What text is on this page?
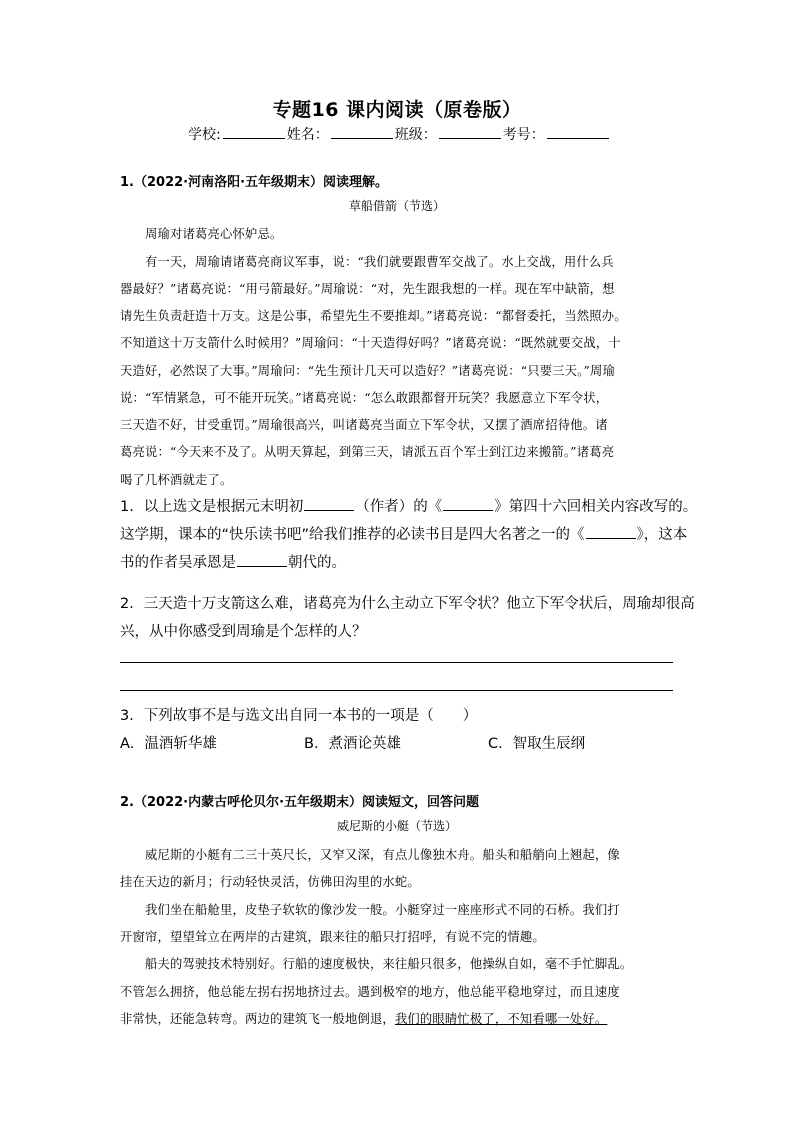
专题16 课内阅读（原卷版）
学校:	姓名：	班级：	考号：
1.（2022·河南洛阳·五年级期末）阅读理解。
草船借箭（节选）
周瑜对诸葛亮心怀妒忌。
有一天，周瑜请诸葛亮商议军事，说：“我们就要跟曹军交战了。水上交战，用什么兵
器最好？”诸葛亮说：“用弓箭最好。”周瑜说：“对，先生跟我想的一样。现在军中缺箭，想
请先生负责赶造十万支。这是公事，希望先生不要推却。”诸葛亮说：“都督委托，当然照办。
不知道这十万支箭什么时候用？”周瑜问：“十天造得好吗？”诸葛亮说：“既然就要交战，十
天造好，必然误了大事。”周瑜问：“先生预计几天可以造好？”诸葛亮说：“只要三天。”周瑜
说：“军情紧急，可不能开玩笑。”诸葛亮说：“怎么敢跟都督开玩笑？我愿意立下军令状，
三天造不好，甘受重罚。”周瑜很高兴，叫诸葛亮当面立下军令状，又摆了酒席招待他。诸
葛亮说：“今天来不及了。从明天算起，到第三天，请派五百个军士到江边来搬箭。”诸葛亮
喝了几杯酒就走了。
1．以上选文是根据元末明初	（作者）的《	》第四十六回相关内容改写的。
这学期，课本的“快乐读书吧”给我们推荐的必读书目是四大名著之一的《	》，这本
书的作者吴承恩是	朝代的。
2．三天造十万支箭这么难，诸葛亮为什么主动立下军令状？他立下军令状后，周瑜却很高
兴，从中你感受到周瑜是个怎样的人？
3．下列故事不是与选文出自同一本书的一项是（　　）
A．温酒斩华雄	B．煮酒论英雄	C．智取生辰纲
2.（2022·内蒙古呼伦贝尔·五年级期末）阅读短文，回答问题
威尼斯的小艇（节选）
威尼斯的小艇有二三十英尺长，又窄又深，有点儿像独木舟。船头和船艄向上翘起，像
挂在天边的新月；行动轻快灵活，仿佛田沟里的水蛇。
我们坐在船舱里，皮垫子软软的像沙发一般。小艇穿过一座座形式不同的石桥。我们打
开窗帘，望望耸立在两岸的古建筑，跟来往的船只打招呼，有说不完的情趣。
船夫的驾驶技术特别好。行船的速度极快，来往船只很多，他操纵自如，毫不手忙脚乱。
不管怎么拥挤，他总能左拐右拐地挤过去。遇到极窄的地方，他总能平稳地穿过，而且速度
非常快，还能急转弯。两边的建筑飞一般地倒退，我们的眼睛忙极了，不知看哪一处好。
